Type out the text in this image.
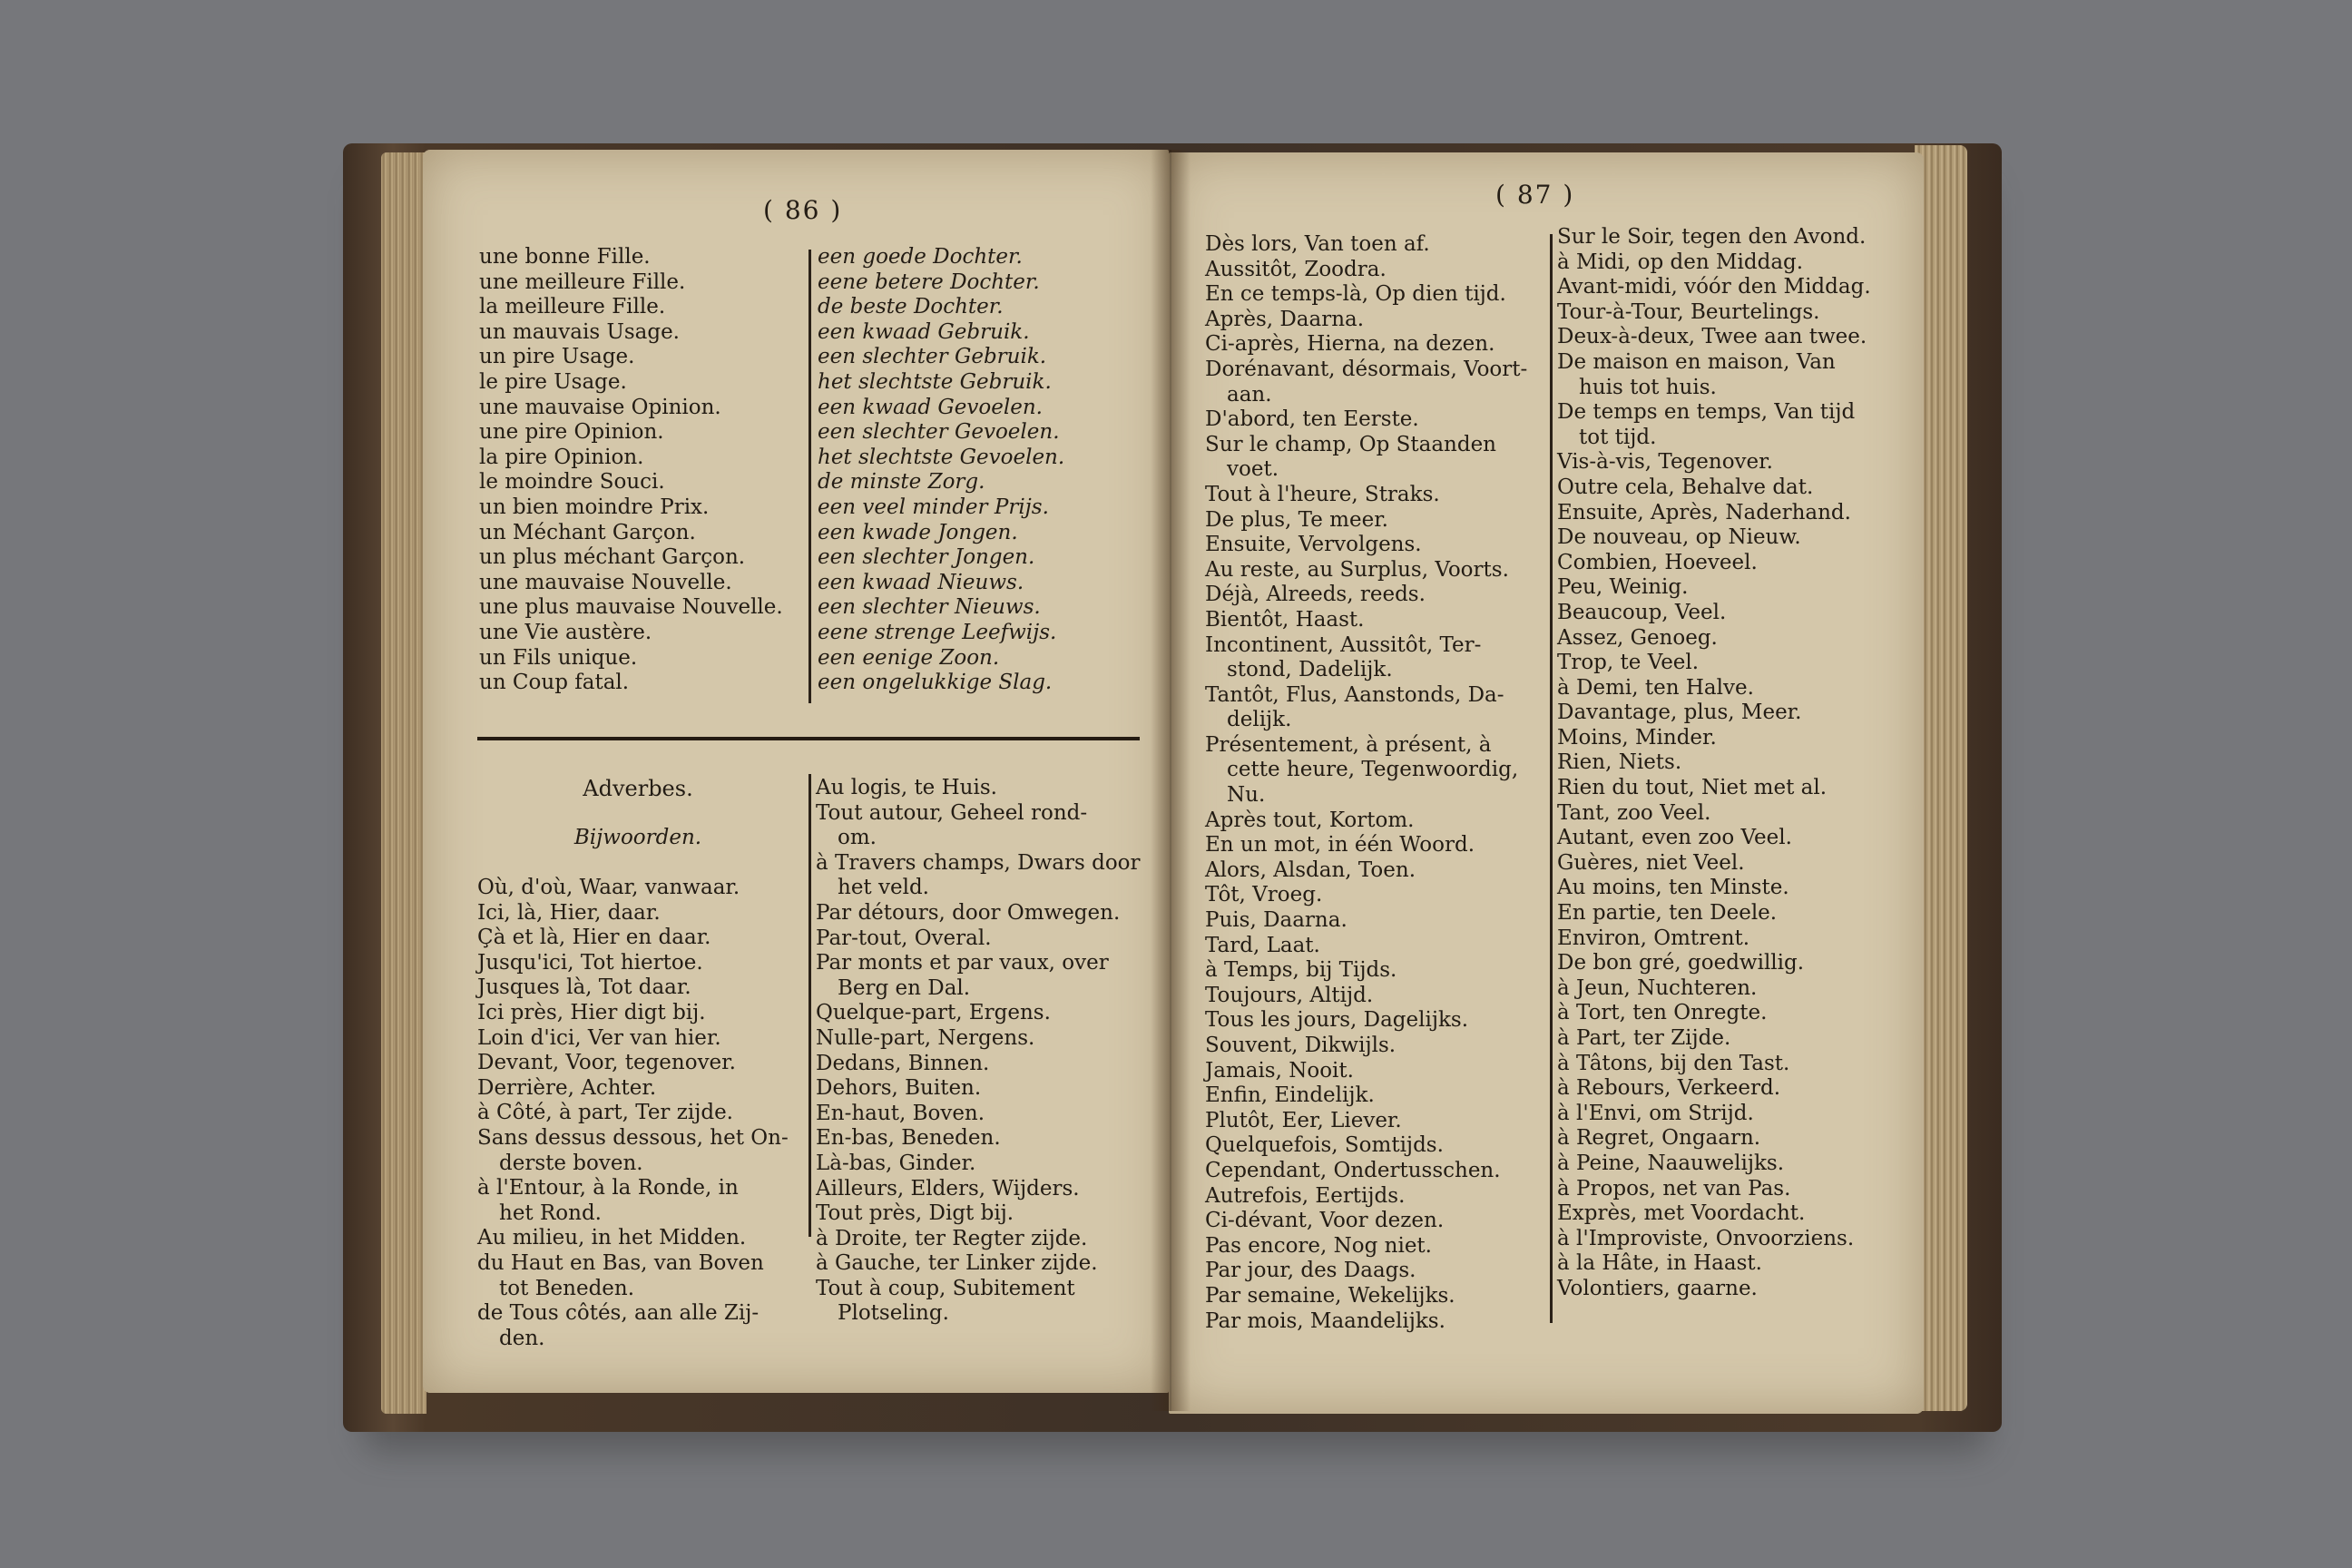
( 86 )
une bonne Fille.
une meilleure Fille.
la meilleure Fille.
un mauvais Usage.
un pire Usage.
le pire Usage.
une mauvaise Opinion.
une pire Opinion.
la pire Opinion.
le moindre Souci.
un bien moindre Prix.
un Méchant Garçon.
un plus méchant Garçon.
une mauvaise Nouvelle.
une plus mauvaise Nouvelle.
une Vie austère.
un Fils unique.
un Coup fatal.
een goede Dochter.
eene betere Dochter.
de beste Dochter.
een kwaad Gebruik.
een slechter Gebruik.
het slechtste Gebruik.
een kwaad Gevoelen.
een slechter Gevoelen.
het slechtste Gevoelen.
de minste Zorg.
een veel minder Prijs.
een kwade Jongen.
een slechter Jongen.
een kwaad Nieuws.
een slechter Nieuws.
eene strenge Leefwijs.
een eenige Zoon.
een ongelukkige Slag.
Adverbes.
Bijwoorden.
Où, d'où, Waar, vanwaar.
Ici, là, Hier, daar.
Çà et là, Hier en daar.
Jusqu'ici, Tot hiertoe.
Jusques là, Tot daar.
Ici près, Hier digt bij.
Loin d'ici, Ver van hier.
Devant, Voor, tegenover.
Derrière, Achter.
à Côté, à part, Ter zijde.
Sans dessus dessous, het On-
derste boven.
à l'Entour, à la Ronde, in
het Rond.
Au milieu, in het Midden.
du Haut en Bas, van Boven
tot Beneden.
de Tous côtés, aan alle Zij-
den.
Au logis, te Huis.
Tout autour, Geheel rond-
om.
à Travers champs, Dwars door
het veld.
Par détours, door Omwegen.
Par-tout, Overal.
Par monts et par vaux, over
Berg en Dal.
Quelque-part, Ergens.
Nulle-part, Nergens.
Dedans, Binnen.
Dehors, Buiten.
En-haut, Boven.
En-bas, Beneden.
Là-bas, Ginder.
Ailleurs, Elders, Wijders.
Tout près, Digt bij.
à Droite, ter Regter zijde.
à Gauche, ter Linker zijde.
Tout à coup, Subitement
Plotseling.
( 87 )
Dès lors, Van toen af.
Aussitôt, Zoodra.
En ce temps-là, Op dien tijd.
Après, Daarna.
Ci-après, Hierna, na dezen.
Dorénavant, désormais, Voort-
aan.
D'abord, ten Eerste.
Sur le champ, Op Staanden
voet.
Tout à l'heure, Straks.
De plus, Te meer.
Ensuite, Vervolgens.
Au reste, au Surplus, Voorts.
Déjà, Alreeds, reeds.
Bientôt, Haast.
Incontinent, Aussitôt, Ter-
stond, Dadelijk.
Tantôt, Flus, Aanstonds, Da-
delijk.
Présentement, à présent, à
cette heure, Tegenwoordig,
Nu.
Après tout, Kortom.
En un mot, in één Woord.
Alors, Alsdan, Toen.
Tôt, Vroeg.
Puis, Daarna.
Tard, Laat.
à Temps, bij Tijds.
Toujours, Altijd.
Tous les jours, Dagelijks.
Souvent, Dikwijls.
Jamais, Nooit.
Enfin, Eindelijk.
Plutôt, Eer, Liever.
Quelquefois, Somtijds.
Cependant, Ondertusschen.
Autrefois, Eertijds.
Ci-dévant, Voor dezen.
Pas encore, Nog niet.
Par jour, des Daags.
Par semaine, Wekelijks.
Par mois, Maandelijks.
Sur le Soir, tegen den Avond.
à Midi, op den Middag.
Avant-midi, vóór den Middag.
Tour-à-Tour, Beurtelings.
Deux-à-deux, Twee aan twee.
De maison en maison, Van
huis tot huis.
De temps en temps, Van tijd
tot tijd.
Vis-à-vis, Tegenover.
Outre cela, Behalve dat.
Ensuite, Après, Naderhand.
De nouveau, op Nieuw.
Combien, Hoeveel.
Peu, Weinig.
Beaucoup, Veel.
Assez, Genoeg.
Trop, te Veel.
à Demi, ten Halve.
Davantage, plus, Meer.
Moins, Minder.
Rien, Niets.
Rien du tout, Niet met al.
Tant, zoo Veel.
Autant, even zoo Veel.
Guères, niet Veel.
Au moins, ten Minste.
En partie, ten Deele.
Environ, Omtrent.
De bon gré, goedwillig.
à Jeun, Nuchteren.
à Tort, ten Onregte.
à Part, ter Zijde.
à Tâtons, bij den Tast.
à Rebours, Verkeerd.
à l'Envi, om Strijd.
à Regret, Ongaarn.
à Peine, Naauwelijks.
à Propos, net van Pas.
Exprès, met Voordacht.
à l'Improviste, Onvoorziens.
à la Hâte, in Haast.
Volontiers, gaarne.
